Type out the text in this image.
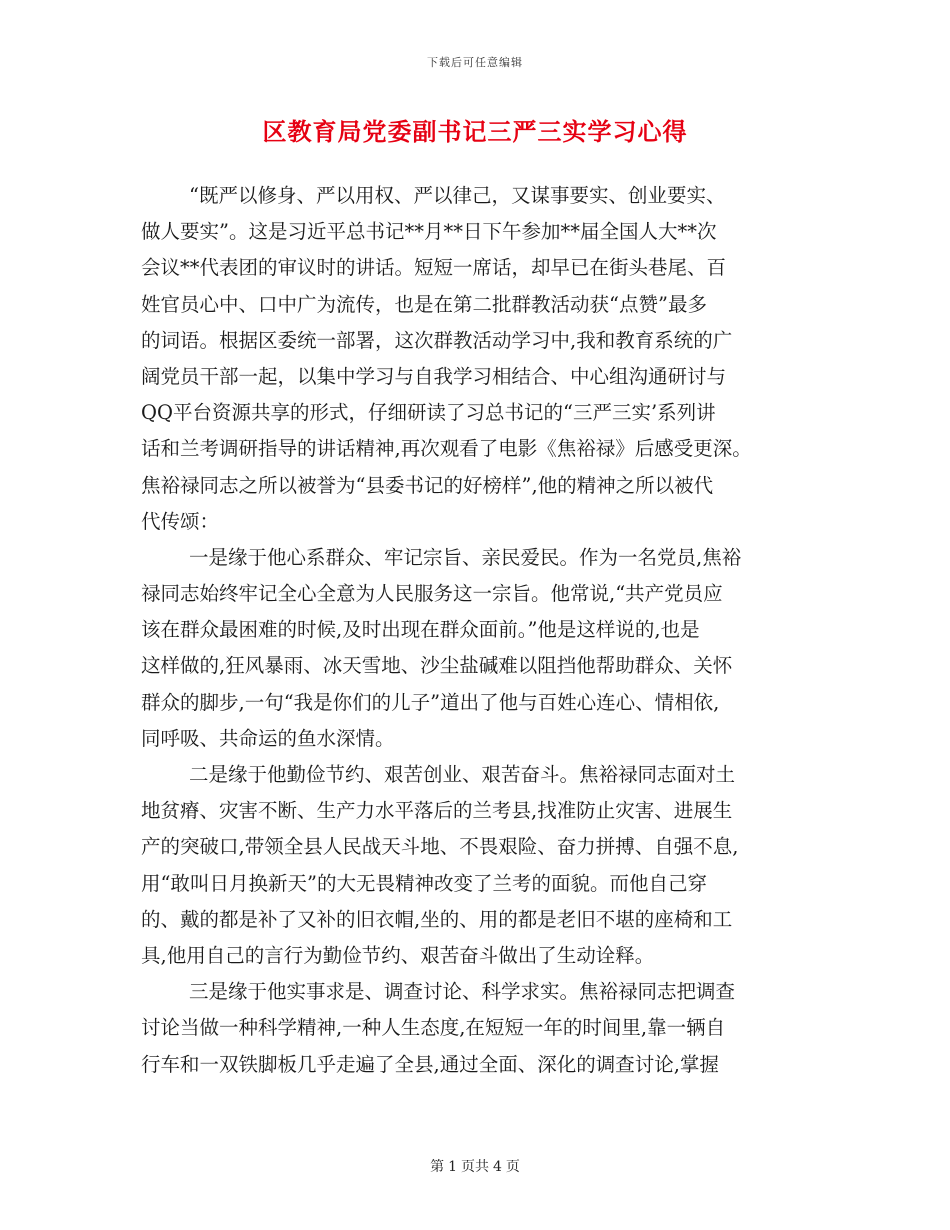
下载后可任意编辑
区教育局党委副书记三严三实学习心得
“既严以修身、严以用权、严以律己，又谋事要实、创业要实、
做人要实”。这是习近平总书记**月**日下午参加**届全国人大**次
会议**代表团的审议时的讲话。短短一席话，却早已在街头巷尾、百
姓官员心中、口中广为流传，也是在第二批群教活动获“点赞”最多
的词语。根据区委统一部署，这次群教活动学习中,我和教育系统的广
阔党员干部一起，以集中学习与自我学习相结合、中心组沟通研讨与
QQ平台资源共享的形式，仔细研读了习总书记的“三严三实’系列讲
话和兰考调研指导的讲话精神,再次观看了电影《焦裕禄》后感受更深。
焦裕禄同志之所以被誉为“县委书记的好榜样”,他的精神之所以被代
代传颂：
一是缘于他心系群众、牢记宗旨、亲民爱民。作为一名党员,焦裕
禄同志始终牢记全心全意为人民服务这一宗旨。他常说,“共产党员应
该在群众最困难的时候,及时出现在群众面前。”他是这样说的,也是
这样做的,狂风暴雨、冰天雪地、沙尘盐碱难以阻挡他帮助群众、关怀
群众的脚步,一句“我是你们的儿子”道出了他与百姓心连心、情相依,
同呼吸、共命运的鱼水深情。
二是缘于他勤俭节约、艰苦创业、艰苦奋斗。焦裕禄同志面对土
地贫瘠、灾害不断、生产力水平落后的兰考县,找准防止灾害、进展生
产的突破口,带领全县人民战天斗地、不畏艰险、奋力拼搏、自强不息,
用“敢叫日月换新天”的大无畏精神改变了兰考的面貌。而他自己穿
的、戴的都是补了又补的旧衣帽,坐的、用的都是老旧不堪的座椅和工
具,他用自己的言行为勤俭节约、艰苦奋斗做出了生动诠释。
三是缘于他实事求是、调查讨论、科学求实。焦裕禄同志把调查
讨论当做一种科学精神,一种人生态度,在短短一年的时间里,靠一辆自
行车和一双铁脚板几乎走遍了全县,通过全面、深化的调查讨论,掌握
第 1 页共 4 页
